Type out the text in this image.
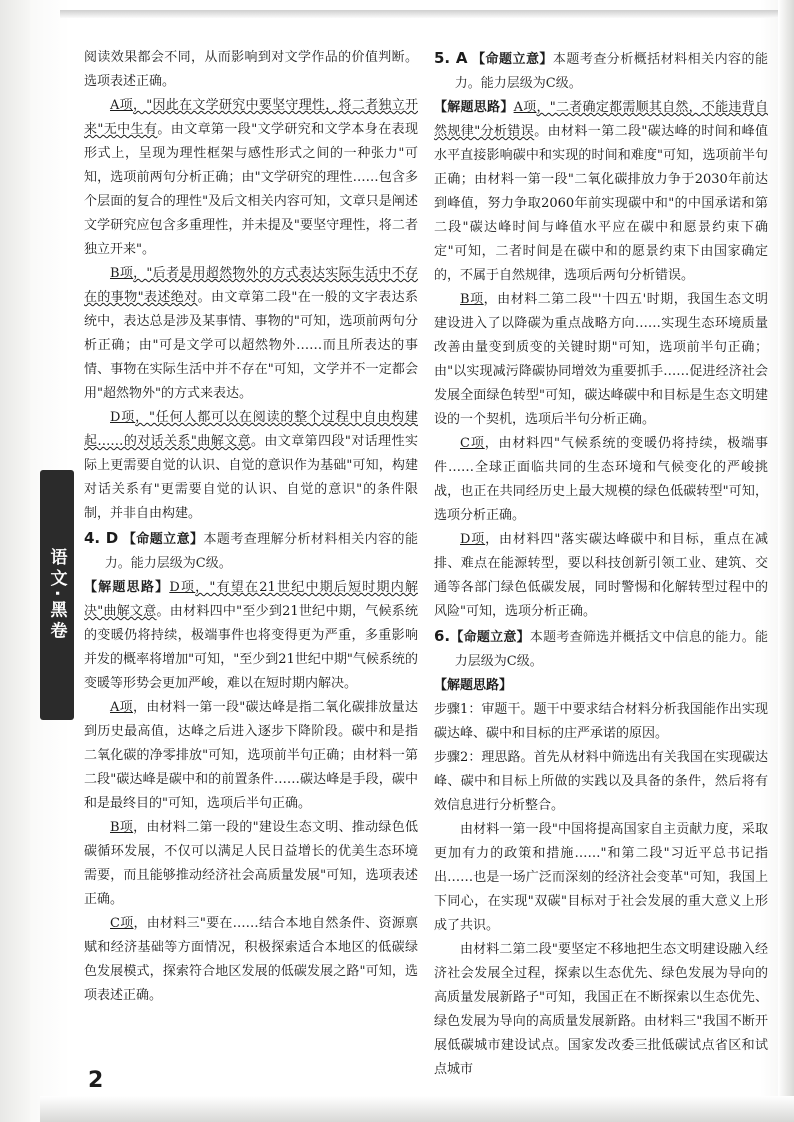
语文·黑卷

阅读效果都会不同，从而影响到对文学作品的价值判断。选项表述正确。

A项，"因此在文学研究中要坚守理性，将二者独立开来"无中生有。由文章第一段"文学研究和文学本身在表现形式上，呈现为理性框架与感性形式之间的一种张力"可知，选项前两句分析正确；由"文学研究的理性……包含多个层面的复合的理性"及后文相关内容可知，文章只是阐述文学研究应包含多重理性，并未提及"要坚守理性，将二者独立开来"。

B项，"后者是用超然物外的方式表达实际生活中不存在的事物"表述绝对。由文章第二段"在一般的文字表达系统中，表达总是涉及某事情、事物的"可知，选项前两句分析正确；由"可是文学可以超然物外……而且所表达的事情、事物在实际生活中并不存在"可知，文学并不一定都会用"超然物外"的方式来表达。

D项，"任何人都可以在阅读的整个过程中自由构建起……的对话关系"曲解文意。由文章第四段"对话理性实际上更需要自觉的认识、自觉的意识作为基础"可知，构建对话关系有"更需要自觉的认识、自觉的意识"的条件限制，并非自由构建。

4. D 【命题立意】本题考查理解分析材料相关内容的能力。能力层级为C级。

【解题思路】D项，"有望在21世纪中期后短时期内解决"曲解文意。由材料四中"至少到21世纪中期，气候系统的变暖仍将持续，极端事件也将变得更为严重，多重影响并发的概率将增加"可知，"至少到21世纪中期"气候系统的变暖等形势会更加严峻，难以在短时期内解决。

A项，由材料一第一段"碳达峰是指二氧化碳排放量达到历史最高值，达峰之后进入逐步下降阶段。碳中和是指二氧化碳的净零排放"可知，选项前半句正确；由材料一第二段"碳达峰是碳中和的前置条件……碳达峰是手段，碳中和是最终目的"可知，选项后半句正确。

B项，由材料二第一段的"建设生态文明、推动绿色低碳循环发展，不仅可以满足人民日益增长的优美生态环境需要，而且能够推动经济社会高质量发展"可知，选项表述正确。

C项，由材料三"要在……结合本地自然条件、资源禀赋和经济基础等方面情况，积极探索适合本地区的低碳绿色发展模式，探索符合地区发展的低碳发展之路"可知，选项表述正确。

5. A 【命题立意】本题考查分析概括材料相关内容的能力。能力层级为C级。

【解题思路】A项，"二者确定都需顺其自然，不能违背自然规律"分析错误。由材料一第二段"碳达峰的时间和峰值水平直接影响碳中和实现的时间和难度"可知，选项前半句正确；由材料一第一段"二氧化碳排放力争于2030年前达到峰值，努力争取2060年前实现碳中和"的中国承诺和第二段"碳达峰时间与峰值水平应在碳中和愿景约束下确定"可知，二者时间是在碳中和的愿景约束下由国家确定的，不属于自然规律，选项后两句分析错误。

B项，由材料二第二段"'十四五'时期，我国生态文明建设进入了以降碳为重点战略方向……实现生态环境质量改善由量变到质变的关键时期"可知，选项前半句正确；由"以实现减污降碳协同增效为重要抓手……促进经济社会发展全面绿色转型"可知，碳达峰碳中和目标是生态文明建设的一个契机，选项后半句分析正确。

C项，由材料四"气候系统的变暖仍将持续，极端事件……全球正面临共同的生态环境和气候变化的严峻挑战，也正在共同经历史上最大规模的绿色低碳转型"可知，选项分析正确。

D项，由材料四"落实碳达峰碳中和目标，重点在减排、难点在能源转型，要以科技创新引领工业、建筑、交通等各部门绿色低碳发展，同时警惕和化解转型过程中的风险"可知，选项分析正确。

6.【命题立意】本题考查筛选并概括文中信息的能力。能力层级为C级。

【解题思路】

步骤1：审题干。题干中要求结合材料分析我国能作出实现碳达峰、碳中和目标的庄严承诺的原因。

步骤2：理思路。首先从材料中筛选出有关我国在实现碳达峰、碳中和目标上所做的实践以及具备的条件，然后将有效信息进行分析整合。

由材料一第一段"中国将提高国家自主贡献力度，采取更加有力的政策和措施……"和第二段"习近平总书记指出……也是一场广泛而深刻的经济社会变革"可知，我国上下同心，在实现"双碳"目标对于社会发展的重大意义上形成了共识。

由材料二第二段"要坚定不移地把生态文明建设融入经济社会发展全过程，探索以生态优先、绿色发展为导向的高质量发展新路子"可知，我国正在不断探索以生态优先、绿色发展为导向的高质量发展新路。由材料三"我国不断开展低碳城市建设试点。国家发改委三批低碳试点省区和试点城市

2
